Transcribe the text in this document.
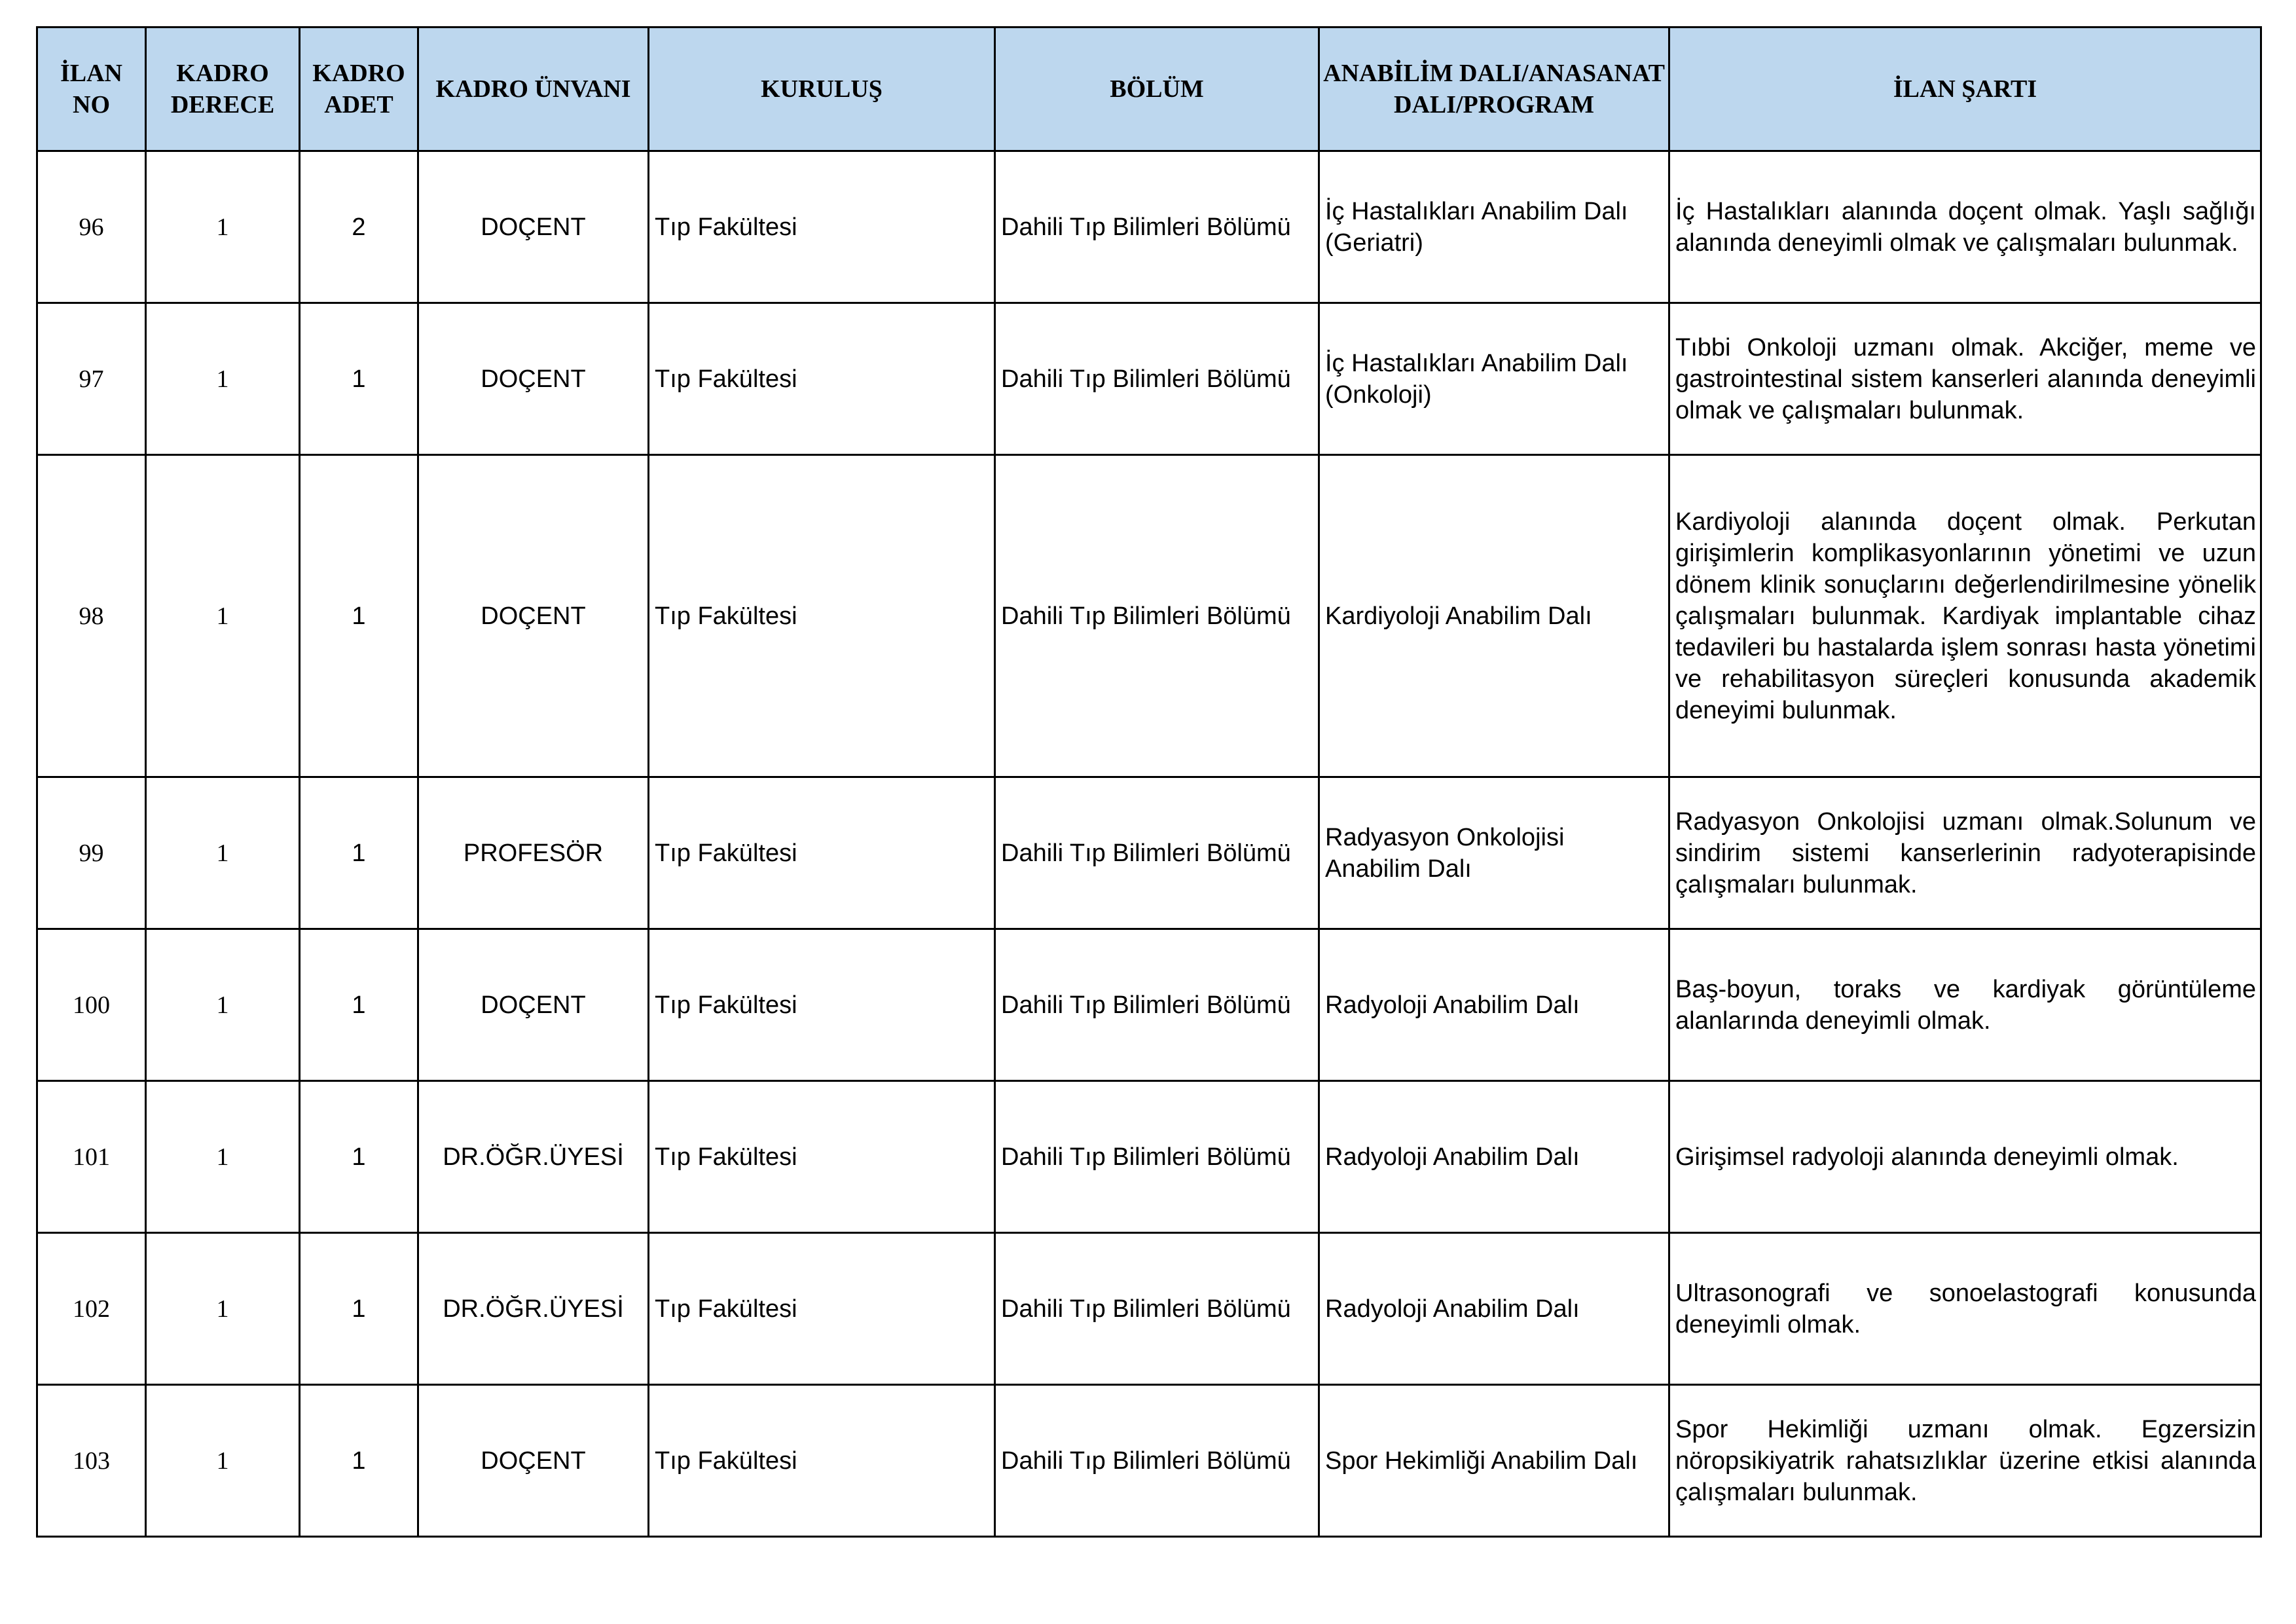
İLAN NO	KADRO DERECE	KADRO ADET	KADRO ÜNVANI	KURULUŞ	BÖLÜM	ANABİLİM DALI/ANASANAT DALI/PROGRAM	İLAN ŞARTI
96	1	2	DOÇENT	Tıp Fakültesi	Dahili Tıp Bilimleri Bölümü	İç Hastalıkları Anabilim Dalı (Geriatri)	İç Hastalıkları alanında doçent olmak. Yaşlı sağlığı alanında deneyimli olmak ve çalışmaları bulunmak.
97	1	1	DOÇENT	Tıp Fakültesi	Dahili Tıp Bilimleri Bölümü	İç Hastalıkları Anabilim Dalı (Onkoloji)	Tıbbi Onkoloji uzmanı olmak. Akciğer, meme ve gastrointestinal sistem kanserleri alanında deneyimli olmak ve çalışmaları bulunmak.
98	1	1	DOÇENT	Tıp Fakültesi	Dahili Tıp Bilimleri Bölümü	Kardiyoloji Anabilim Dalı	Kardiyoloji alanında doçent olmak. Perkutan girişimlerin komplikasyonlarının yönetimi ve uzun dönem klinik sonuçlarını değerlendirilmesine yönelik çalışmaları bulunmak. Kardiyak implantable cihaz tedavileri bu hastalarda işlem sonrası hasta yönetimi ve rehabilitasyon süreçleri konusunda akademik deneyimi bulunmak.
99	1	1	PROFESÖR	Tıp Fakültesi	Dahili Tıp Bilimleri Bölümü	Radyasyon Onkolojisi Anabilim Dalı	Radyasyon Onkolojisi uzmanı olmak.Solunum ve sindirim sistemi kanserlerinin radyoterapisinde çalışmaları bulunmak.
100	1	1	DOÇENT	Tıp Fakültesi	Dahili Tıp Bilimleri Bölümü	Radyoloji Anabilim Dalı	Baş-boyun, toraks ve kardiyak görüntüleme alanlarında deneyimli olmak.
101	1	1	DR.ÖĞR.ÜYESİ	Tıp Fakültesi	Dahili Tıp Bilimleri Bölümü	Radyoloji Anabilim Dalı	Girişimsel radyoloji alanında deneyimli olmak.
102	1	1	DR.ÖĞR.ÜYESİ	Tıp Fakültesi	Dahili Tıp Bilimleri Bölümü	Radyoloji Anabilim Dalı	Ultrasonografi ve sonoelastografi konusunda deneyimli olmak.
103	1	1	DOÇENT	Tıp Fakültesi	Dahili Tıp Bilimleri Bölümü	Spor Hekimliği Anabilim Dalı	Spor Hekimliği uzmanı olmak. Egzersizin nöropsikiyatrik rahatsızlıklar üzerine etkisi alanında çalışmaları bulunmak.
